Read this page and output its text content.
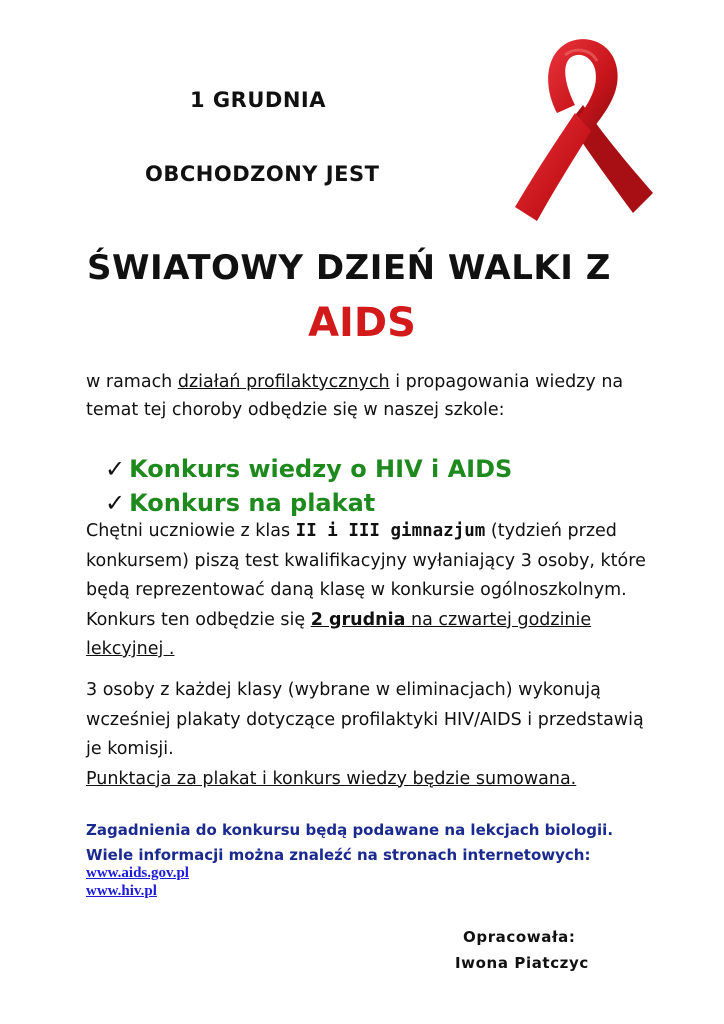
1 GRUDNIA
OBCHODZONY JEST
ŚWIATOWY DZIEŃ WALKI Z
AIDS
w ramach działań profilaktycznych i propagowania wiedzy na temat tej choroby odbędzie się w naszej szkole:
✓ Konkurs wiedzy o HIV i AIDS
✓ Konkurs na plakat
Chętni uczniowie z klas II i III gimnazjum (tydzień przed konkursem) piszą test kwalifikacyjny wyłaniający 3 osoby, które będą reprezentować daną klasę w konkursie ogólnoszkolnym. Konkurs ten odbędzie się 2 grudnia na czwartej godzinie lekcyjnej .
3 osoby z każdej klasy (wybrane w eliminacjach) wykonują wcześniej plakaty dotyczące profilaktyki HIV/AIDS i przedstawią je komisji.
Punktacja za plakat i konkurs wiedzy będzie sumowana.
Zagadnienia do konkursu będą podawane na lekcjach biologii.
Wiele informacji można znaleźć na stronach internetowych:
www.aids.gov.pl
www.hiv.pl
Opracowała:
Iwona Piatczyc
